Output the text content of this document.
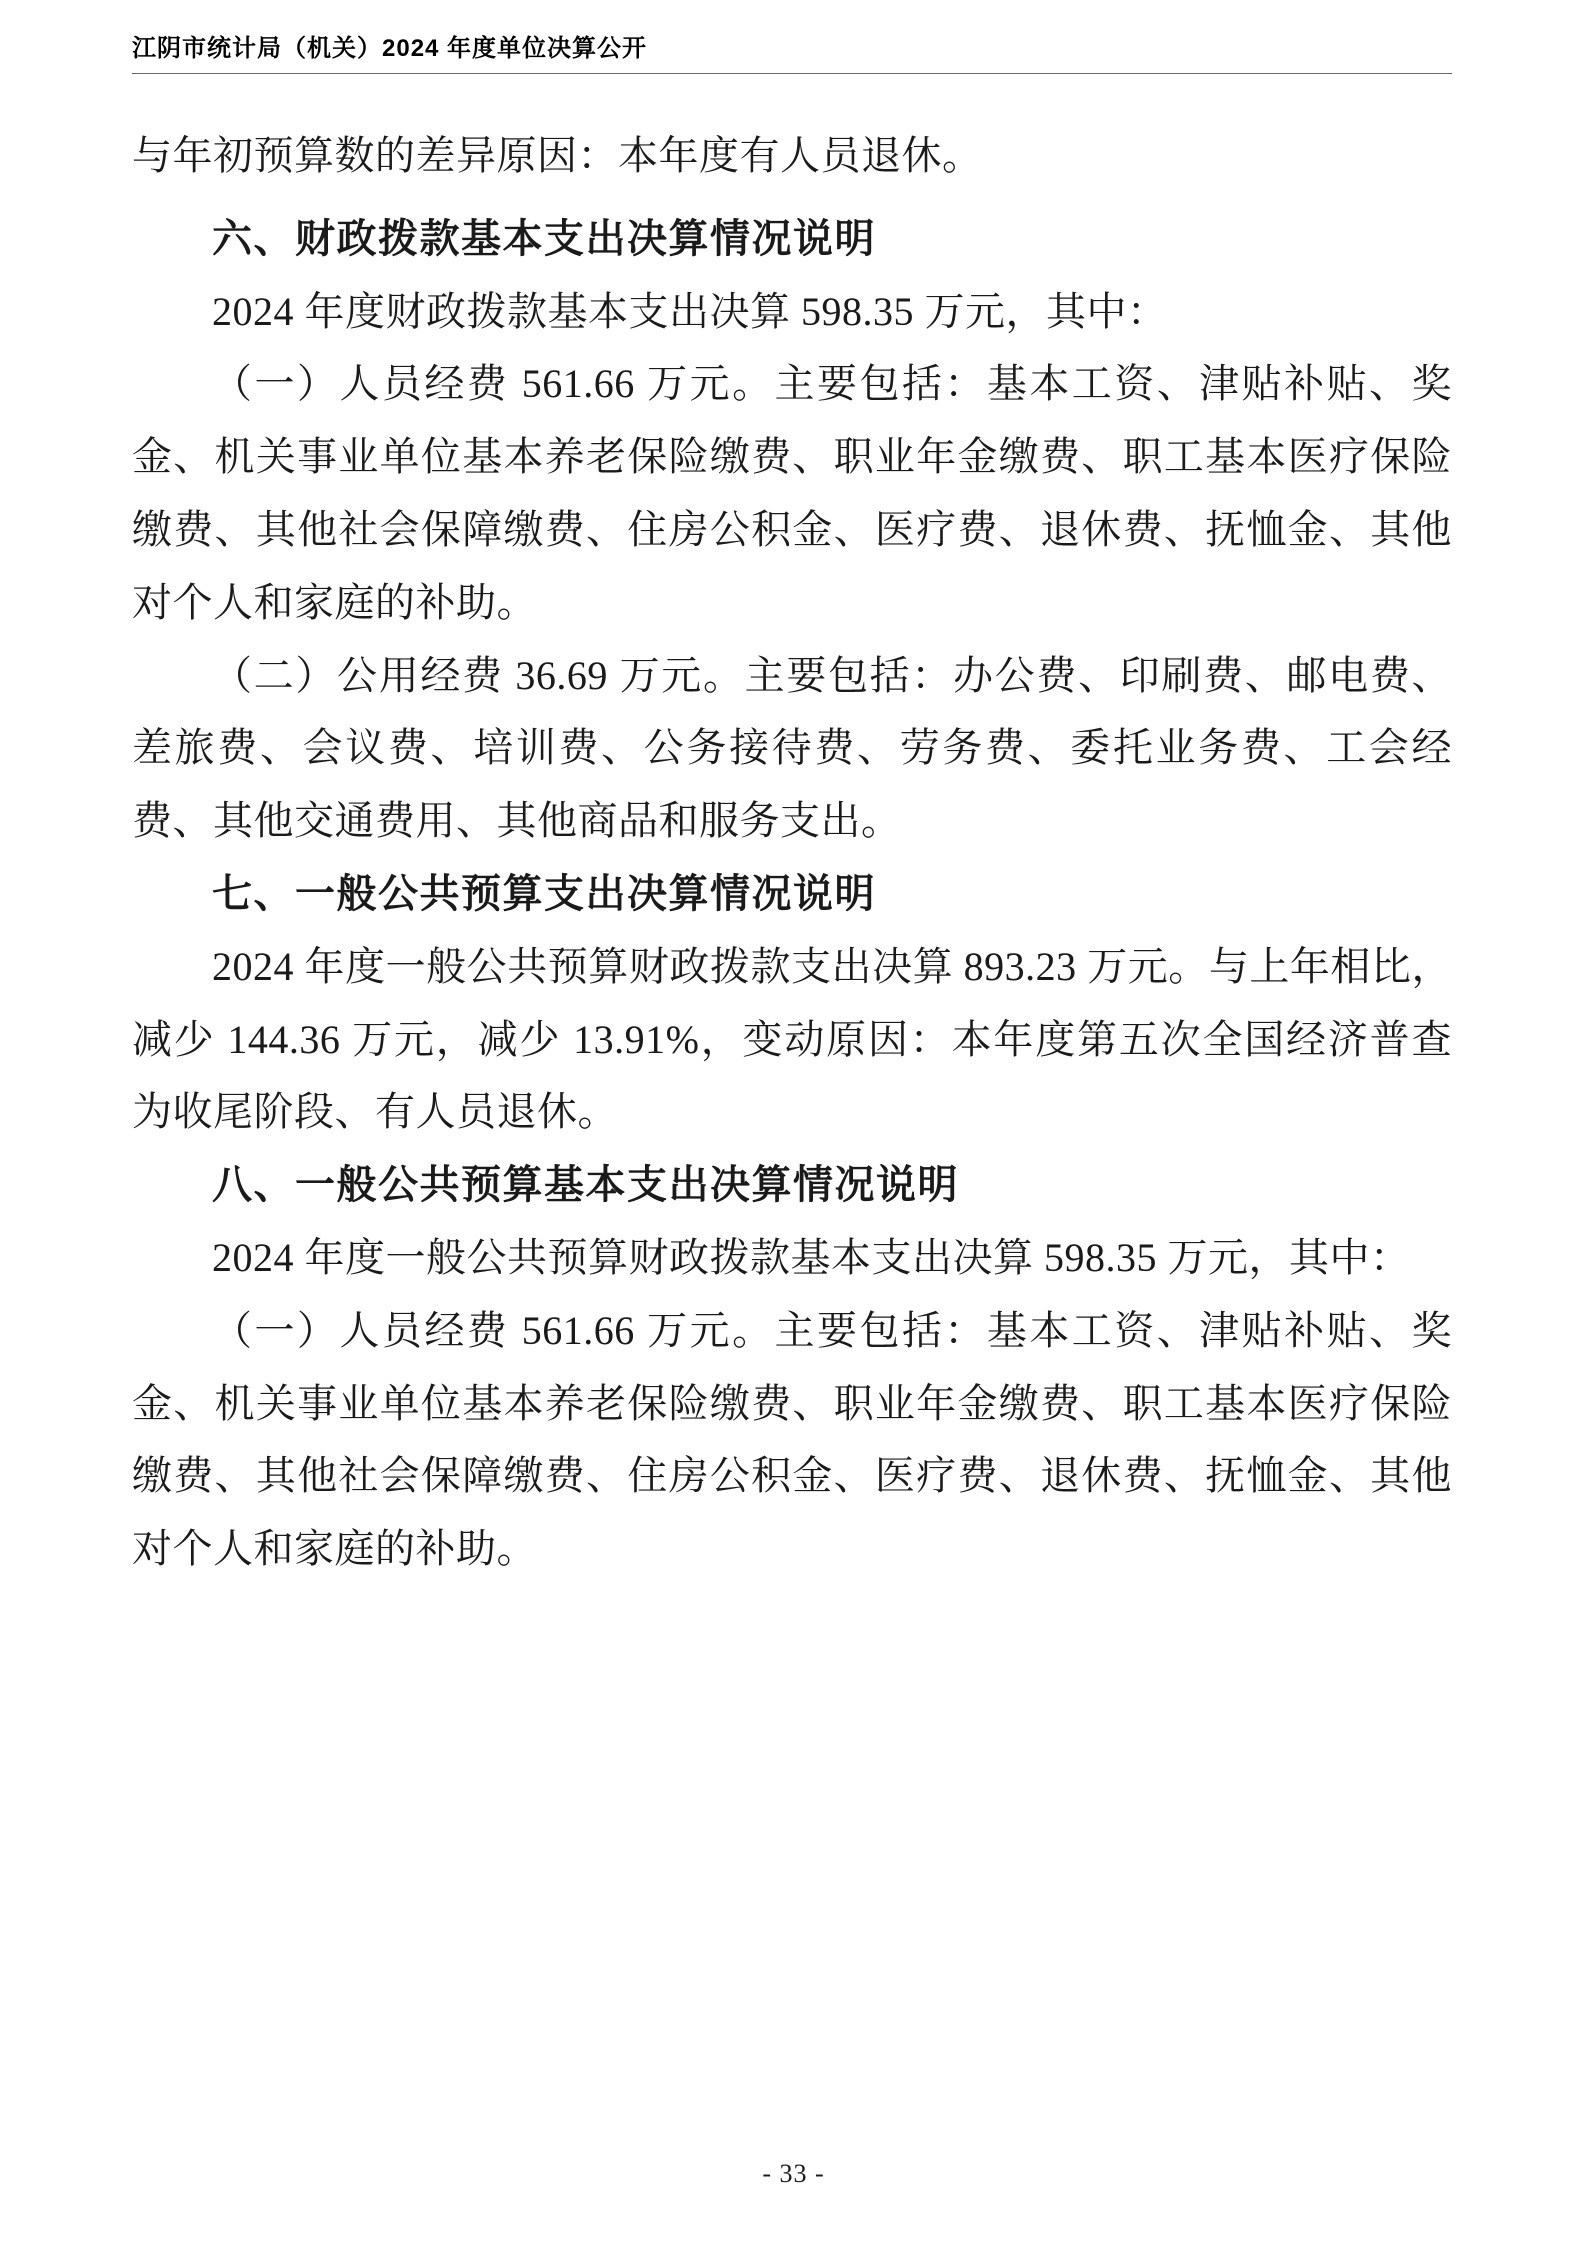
江阴市统计局（机关）2024 年度单位决算公开

与年初预算数的差异原因：本年度有人员退休。

六、财政拨款基本支出决算情况说明

2024 年度财政拨款基本支出决算 598.35 万元，其中：

（一）人员经费 561.66 万元。主要包括：基本工资、津贴补贴、奖金、机关事业单位基本养老保险缴费、职业年金缴费、职工基本医疗保险缴费、其他社会保障缴费、住房公积金、医疗费、退休费、抚恤金、其他对个人和家庭的补助。

（二）公用经费 36.69 万元。主要包括：办公费、印刷费、邮电费、差旅费、会议费、培训费、公务接待费、劳务费、委托业务费、工会经费、其他交通费用、其他商品和服务支出。

七、一般公共预算支出决算情况说明

2024 年度一般公共预算财政拨款支出决算 893.23 万元。与上年相比，减少 144.36 万元，减少 13.91%，变动原因：本年度第五次全国经济普查为收尾阶段、有人员退休。

八、一般公共预算基本支出决算情况说明

2024 年度一般公共预算财政拨款基本支出决算 598.35 万元，其中：

（一）人员经费 561.66 万元。主要包括：基本工资、津贴补贴、奖金、机关事业单位基本养老保险缴费、职业年金缴费、职工基本医疗保险缴费、其他社会保障缴费、住房公积金、医疗费、退休费、抚恤金、其他对个人和家庭的补助。

- 33 -
